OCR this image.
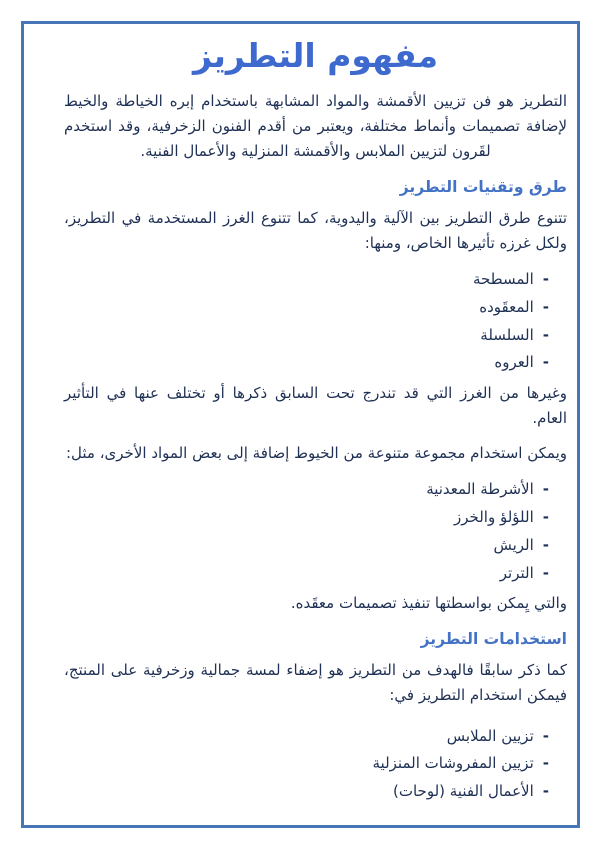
مفهوم التطريز

التطريز هو فن تزيين الأقمشة والمواد المشابهة باستخدام إبره الخياطة والخيط لإضافة تصميمات وأنماط مختلفة، ويعتبر من أقدم الفنون الزخرفية، وقد استخدم لقَرون لتزيين الملابس والأقمشة المنزلية والأعمال الفنية.

طرق وتقنيات التطريز

تتنوع طرق التطريز بين الآلية واليدوية، كما تتنوع الغرز المستخدمة في التطريز، ولكل غرزه تأثيرها الخاص، ومنها:

-
المسطحة
-
المعقَوده
-
السلسلة
-
العروه

وغيرها من الغرز التي قد تندرج تحت السابق ذكرها أو تختلف عنها في التأثير العام.

ويمكن استخدام مجموعة متنوعة من الخيوط إضافة إلى بعض المواد الأخرى، مثل:

-
الأشرطة المعدنية
-
اللؤلؤ والخرز
-
الريش
-
الترتر

والتي يِمكن بواسطتها تنفيذ تصميمات معقَده.

استخدامات التطريز

كما ذكر سابقًا فالهدف من التطريز هو إضفاء لمسة جمالية وزخرفية على المنتج، فيمكن استخدام التطريز في:

-
تزيين الملابس
-
تزيين المفروشات المنزلية
-
الأعمال الفنية (لوحات)
